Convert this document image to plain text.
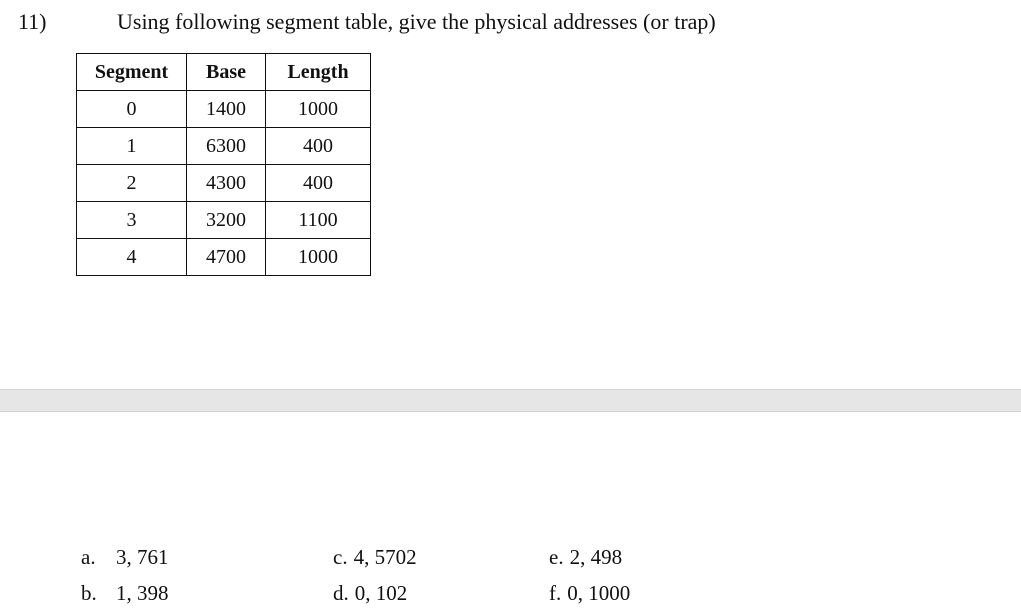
11)	Using following segment table, give the physical addresses (or trap)
Segment	Base	Length
0	1400	1000
1	6300	400
2	4300	400
3	3200	1100
4	4700	1000
a. 3, 761
b. 1, 398
c. 4, 5702
d. 0, 102
e. 2, 498
f. 0, 1000
